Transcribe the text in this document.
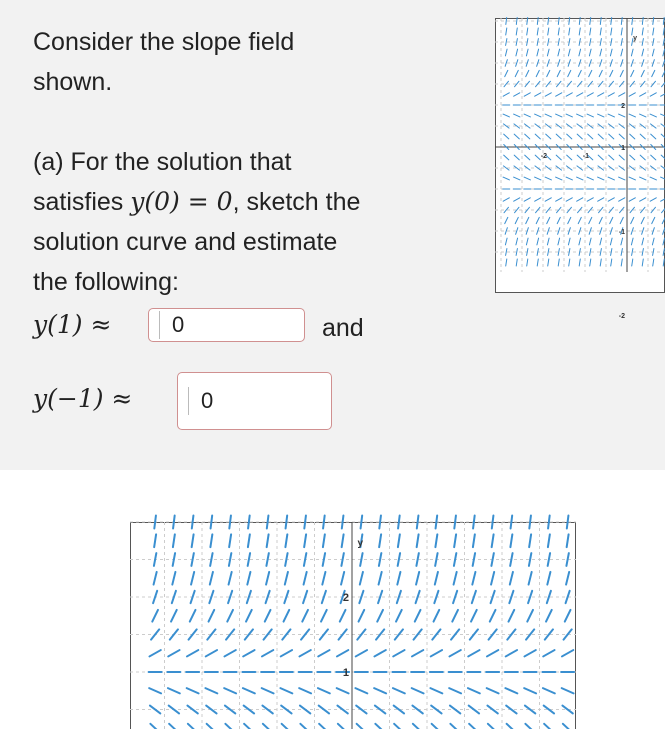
Consider the slope field
shown.
(a) For the solution that
satisfies y(0) = 0, sketch the
solution curve and estimate
the following:
y(1) ≈	0	and
y(−1) ≈	0
y
2
1
-1
-2
-2	-1
y
2
1
